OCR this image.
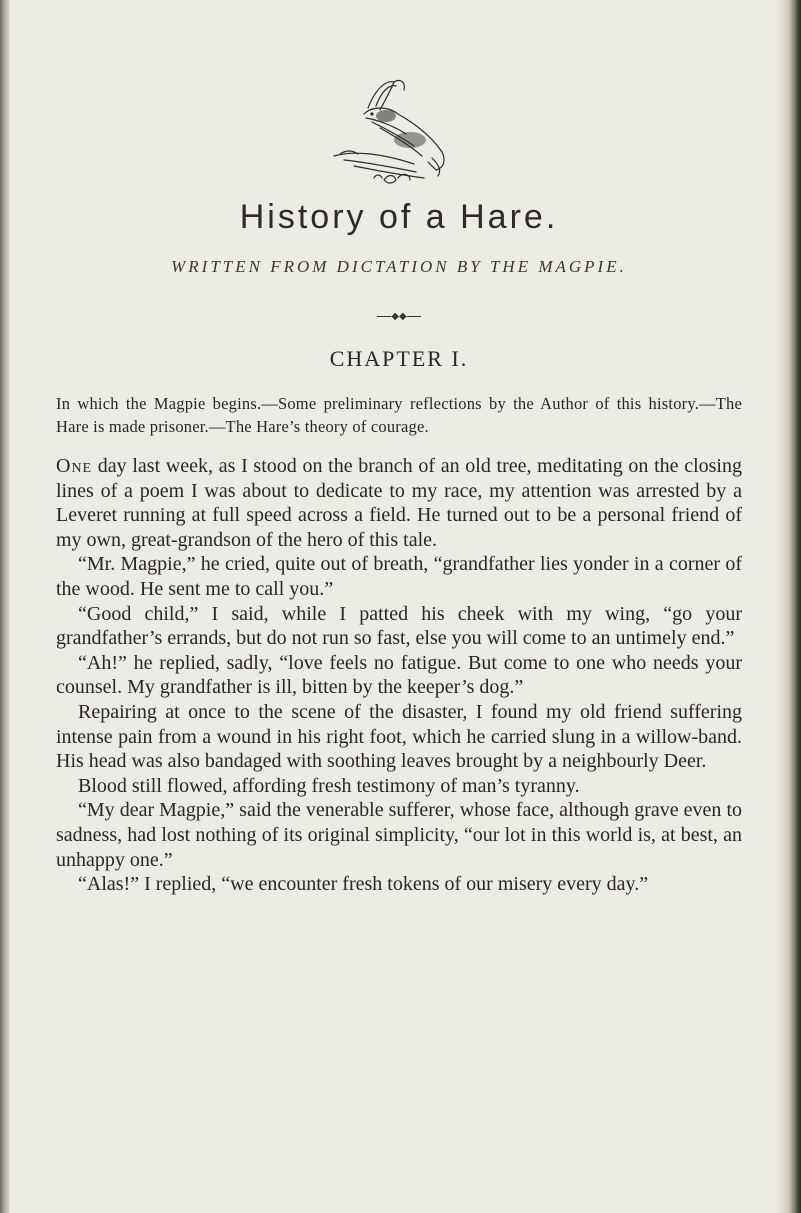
History of a Hare.
WRITTEN FROM DICTATION BY THE MAGPIE.
◆◆
CHAPTER I.

In which the Magpie begins.—Some preliminary reflections by the Author of this history.—The Hare is made prisoner.—The Hare’s theory of courage.

One day last week, as I stood on the branch of an old tree, meditating on the closing lines of a poem I was about to dedicate to my race, my attention was arrested by a Leveret running at full speed across a field. He turned out to be a personal friend of my own, great-grandson of the hero of this tale.

“Mr. Magpie,” he cried, quite out of breath, “grandfather lies yonder in a corner of the wood. He sent me to call you.”

“Good child,” I said, while I patted his cheek with my wing, “go your grandfather’s errands, but do not run so fast, else you will come to an untimely end.”

“Ah!” he replied, sadly, “love feels no fatigue. But come to one who needs your counsel. My grandfather is ill, bitten by the keeper’s dog.”

Repairing at once to the scene of the disaster, I found my old friend suffering intense pain from a wound in his right foot, which he carried slung in a willow-band. His head was also bandaged with soothing leaves brought by a neighbourly Deer.

Blood still flowed, affording fresh testimony of man’s tyranny.

“My dear Magpie,” said the venerable sufferer, whose face, although grave even to sadness, had lost nothing of its original simplicity, “our lot in this world is, at best, an unhappy one.”

“Alas!” I replied, “we encounter fresh tokens of our misery every day.”
